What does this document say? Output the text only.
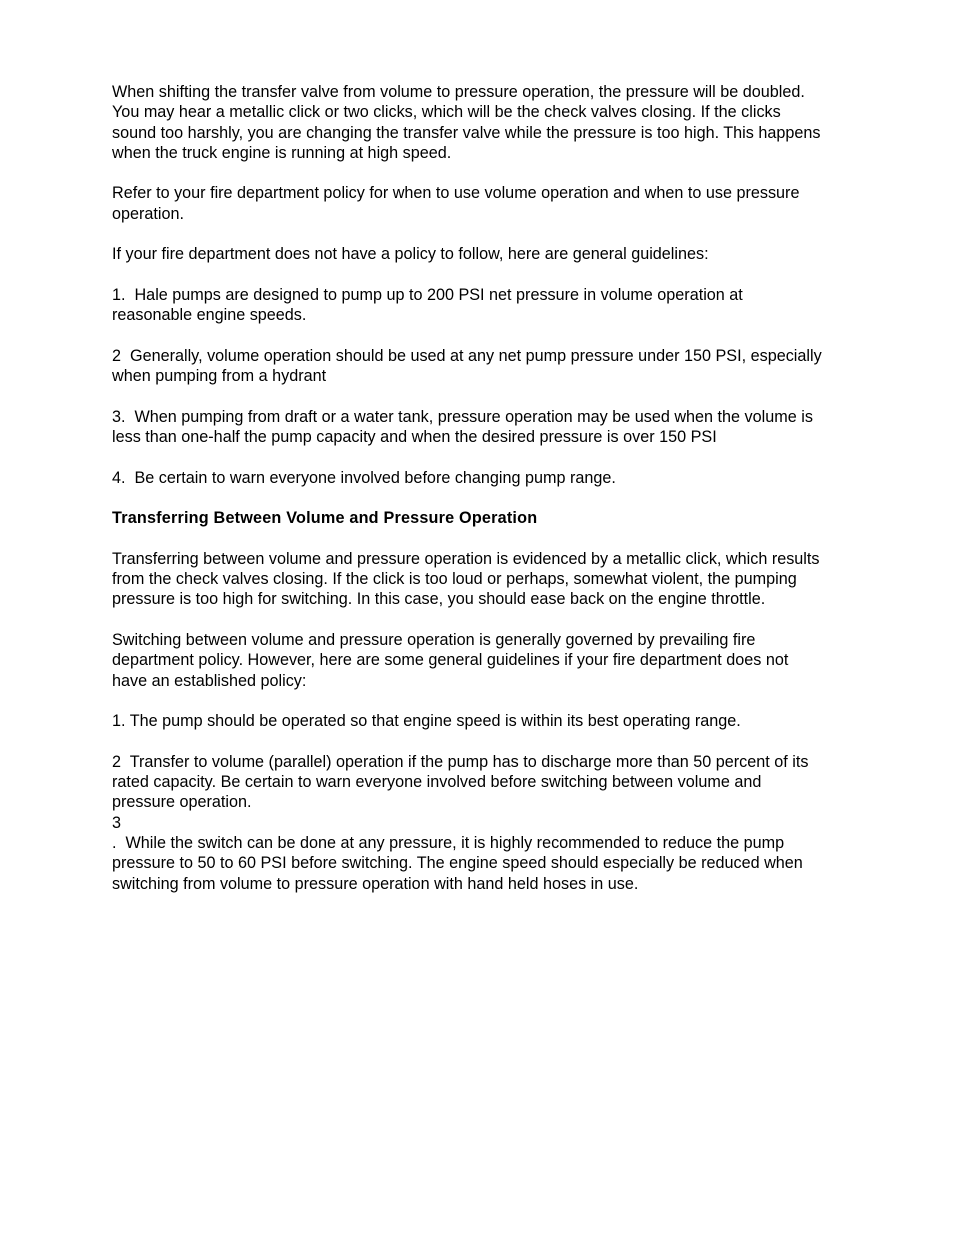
When shifting the transfer valve from volume to pressure operation, the pressure will be doubled.
You may hear a metallic click or two clicks, which will be the check valves closing. If the clicks
sound too harshly, you are changing the transfer valve while the pressure is too high. This happens
when the truck engine is running at high speed.

Refer to your fire department policy for when to use volume operation and when to use pressure
operation.

If your fire department does not have a policy to follow, here are general guidelines:

1.  Hale pumps are designed to pump up to 200 PSI net pressure in volume operation at
reasonable engine speeds.

2  Generally, volume operation should be used at any net pump pressure under 150 PSI, especially
when pumping from a hydrant

3.  When pumping from draft or a water tank, pressure operation may be used when the volume is
less than one-half the pump capacity and when the desired pressure is over 150 PSI

4.  Be certain to warn everyone involved before changing pump range.

Transferring Between Volume and Pressure Operation

Transferring between volume and pressure operation is evidenced by a metallic click, which results
from the check valves closing. If the click is too loud or perhaps, somewhat violent, the pumping
pressure is too high for switching. In this case, you should ease back on the engine throttle.

Switching between volume and pressure operation is generally governed by prevailing fire
department policy. However, here are some general guidelines if your fire department does not
have an established policy:

1. The pump should be operated so that engine speed is within its best operating range.

2  Transfer to volume (parallel) operation if the pump has to discharge more than 50 percent of its
rated capacity. Be certain to warn everyone involved before switching between volume and
pressure operation.

3

.  While the switch can be done at any pressure, it is highly recommended to reduce the pump
pressure to 50 to 60 PSI before switching. The engine speed should especially be reduced when
switching from volume to pressure operation with hand held hoses in use.
